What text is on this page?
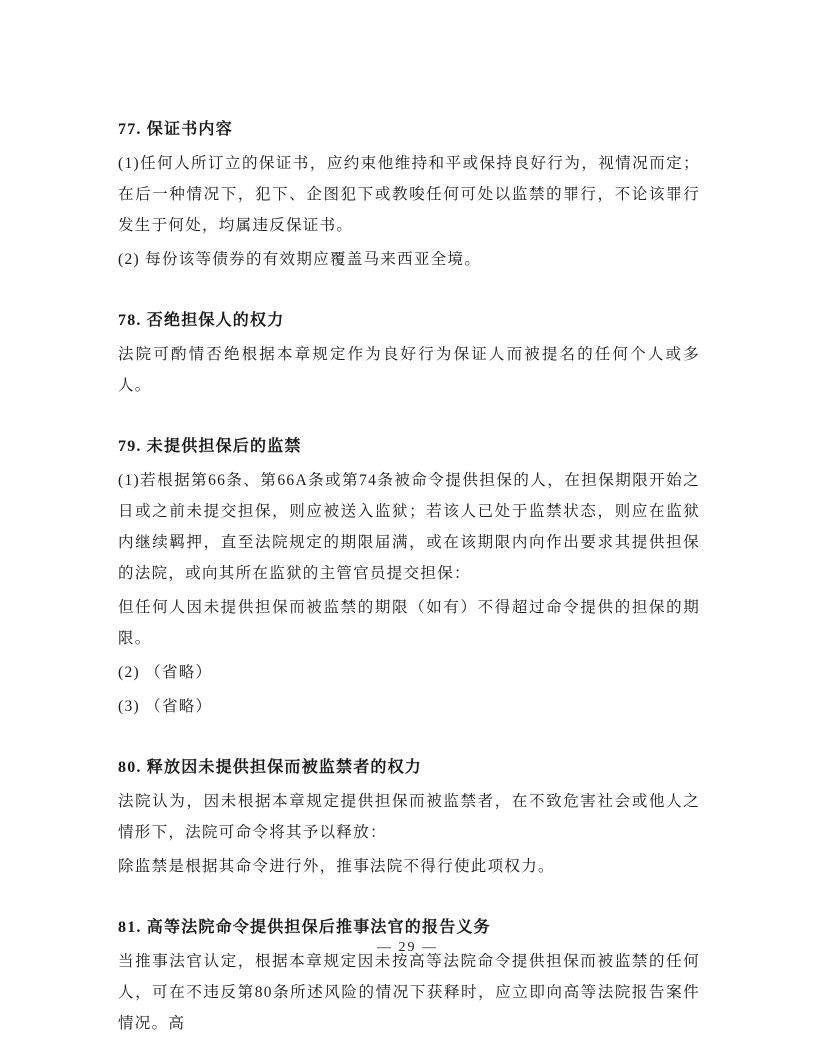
77. 保证书内容

(1)任何人所订立的保证书，应约束他维持和平或保持良好行为，视情况而定；在后一种情况下，犯下、企图犯下或教唆任何可处以监禁的罪行，不论该罪行发生于何处，均属违反保证书。

(2) 每份该等债券的有效期应覆盖马来西亚全境。

78. 否绝担保人的权力

法院可酌情否绝根据本章规定作为良好行为保证人而被提名的任何个人或多人。

79. 未提供担保后的监禁

(1)若根据第66条、第66A条或第74条被命令提供担保的人，在担保期限开始之日或之前未提交担保，则应被送入监狱；若该人已处于监禁状态，则应在监狱内继续羁押，直至法院规定的期限届满，或在该期限内向作出要求其提供担保的法院，或向其所在监狱的主管官员提交担保：

但任何人因未提供担保而被监禁的期限（如有）不得超过命令提供的担保的期限。

(2) （省略）

(3) （省略）

80. 释放因未提供担保而被监禁者的权力

法院认为，因未根据本章规定提供担保而被监禁者，在不致危害社会或他人之情形下，法院可命令将其予以释放：

除监禁是根据其命令进行外，推事法院不得行使此项权力。

81. 高等法院命令提供担保后推事法官的报告义务

当推事法官认定，根据本章规定因未按高等法院命令提供担保而被监禁的任何人，可在不违反第80条所述风险的情况下获释时，应立即向高等法院报告案件情况。高

— 29 —
